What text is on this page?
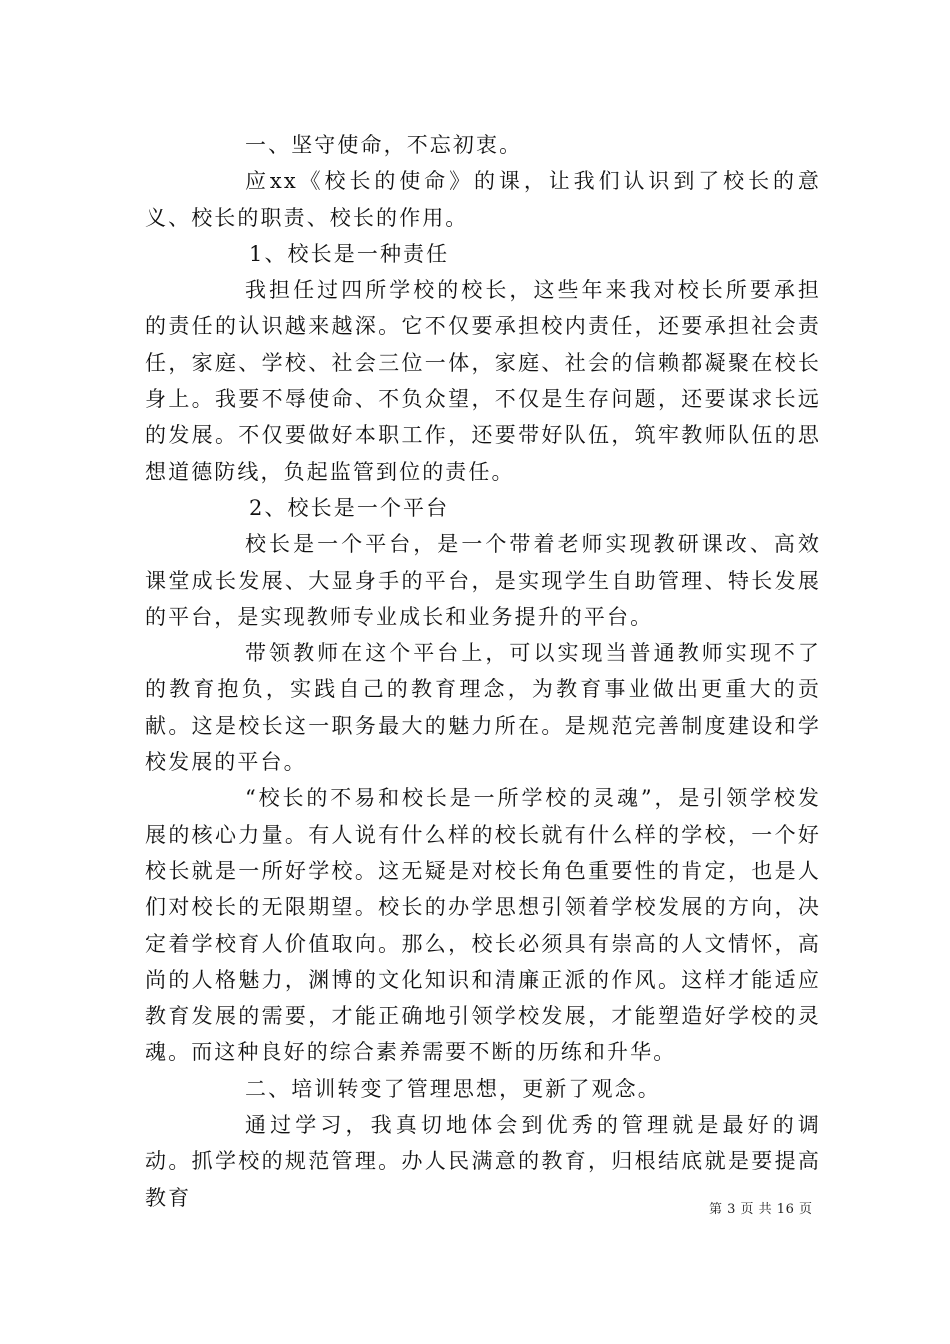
一、坚守使命，不忘初衷。

应xx《校长的使命》的课，让我们认识到了校长的意义、校长的职责、校长的作用。

1、校长是一种责任

我担任过四所学校的校长，这些年来我对校长所要承担的责任的认识越来越深。它不仅要承担校内责任，还要承担社会责任，家庭、学校、社会三位一体，家庭、社会的信赖都凝聚在校长身上。我要不辱使命、不负众望，不仅是生存问题，还要谋求长远的发展。不仅要做好本职工作，还要带好队伍，筑牢教师队伍的思想道德防线，负起监管到位的责任。

2、校长是一个平台

校长是一个平台，是一个带着老师实现教研课改、高效课堂成长发展、大显身手的平台，是实现学生自助管理、特长发展的平台，是实现教师专业成长和业务提升的平台。

带领教师在这个平台上，可以实现当普通教师实现不了的教育抱负，实践自己的教育理念，为教育事业做出更重大的贡献。这是校长这一职务最大的魅力所在。是规范完善制度建设和学校发展的平台。

“校长的不易和校长是一所学校的灵魂”，是引领学校发展的核心力量。有人说有什么样的校长就有什么样的学校，一个好校长就是一所好学校。这无疑是对校长角色重要性的肯定，也是人们对校长的无限期望。校长的办学思想引领着学校发展的方向，决定着学校育人价值取向。那么，校长必须具有崇高的人文情怀，高尚的人格魅力，渊博的文化知识和清廉正派的作风。这样才能适应教育发展的需要，才能正确地引领学校发展，才能塑造好学校的灵魂。而这种良好的综合素养需要不断的历练和升华。

二、培训转变了管理思想，更新了观念。

通过学习，我真切地体会到优秀的管理就是最好的调动。抓学校的规范管理。办人民满意的教育，归根结底就是要提高教育	第 3 页 共 16 页
